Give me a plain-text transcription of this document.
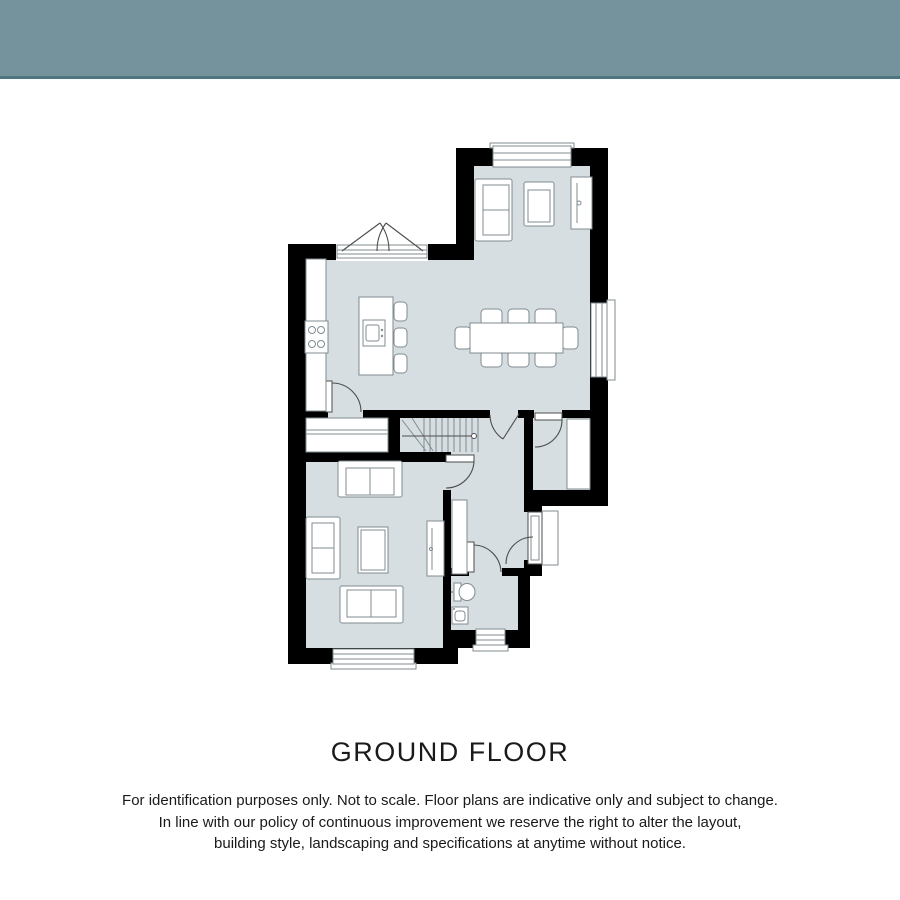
GROUND FLOOR
For identification purposes only. Not to scale. Floor plans are indicative only and subject to change.
In line with our policy of continuous improvement we reserve the right to alter the layout,
building style, landscaping and specifications at anytime without notice.
